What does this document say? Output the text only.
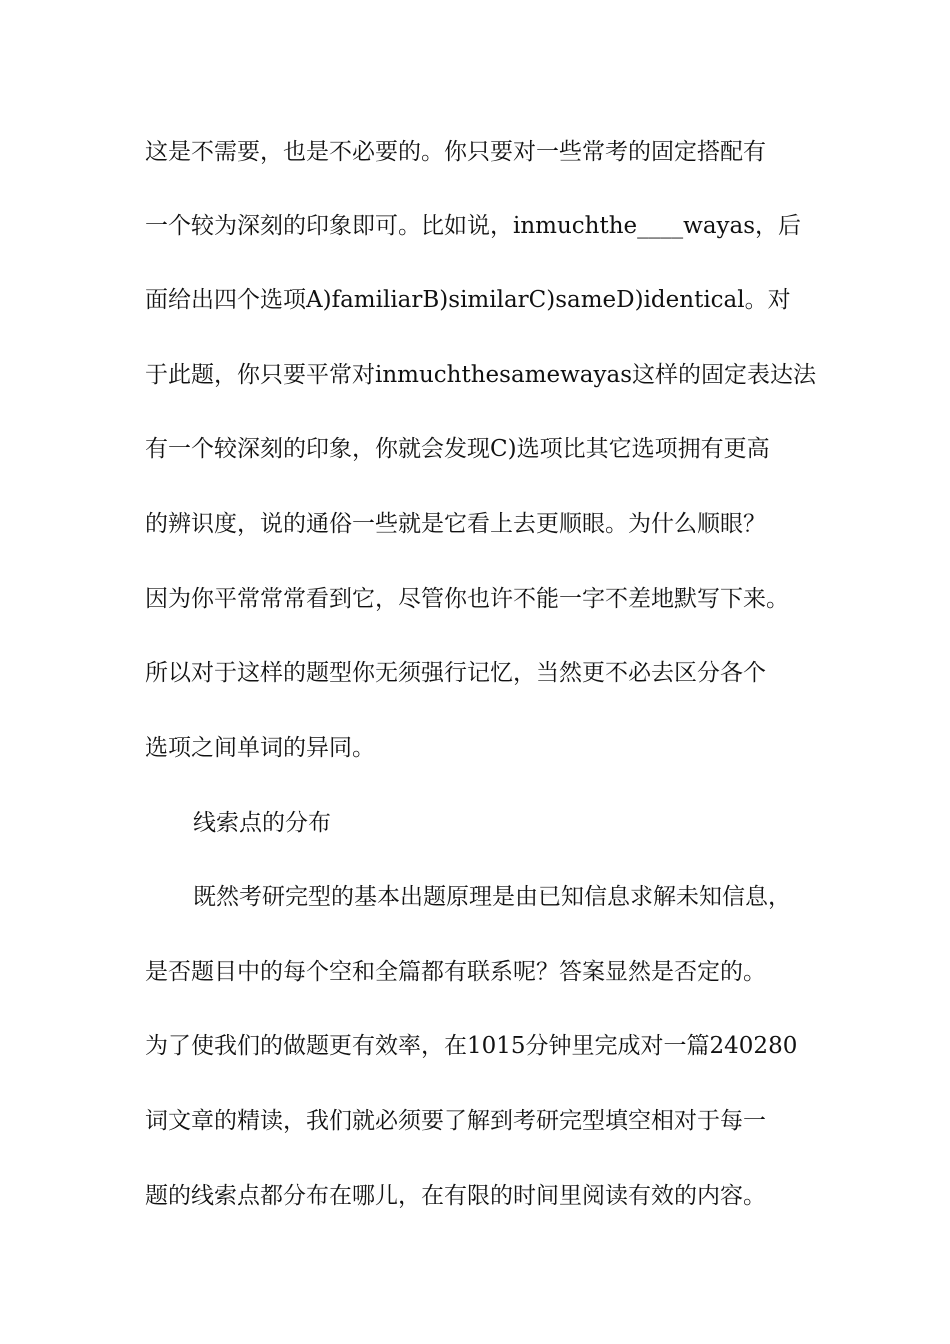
这是不需要，也是不必要的。你只要对一些常考的固定搭配有
一个较为深刻的印象即可。比如说，inmuchthe____wayas，后
面给出四个选项A)familiarB)similarC)sameD)identical。对
于此题，你只要平常对inmuchthesamewayas这样的固定表达法
有一个较深刻的印象，你就会发现C)选项比其它选项拥有更高
的辨识度，说的通俗一些就是它看上去更顺眼。为什么顺眼？
因为你平常常常看到它，尽管你也许不能一字不差地默写下来。
所以对于这样的题型你无须强行记忆，当然更不必去区分各个
选项之间单词的异同。
线索点的分布
既然考研完型的基本出题原理是由已知信息求解未知信息，
是否题目中的每个空和全篇都有联系呢？答案显然是否定的。
为了使我们的做题更有效率，在1015分钟里完成对一篇240280
词文章的精读，我们就必须要了解到考研完型填空相对于每一
题的线索点都分布在哪儿，在有限的时间里阅读有效的内容。
